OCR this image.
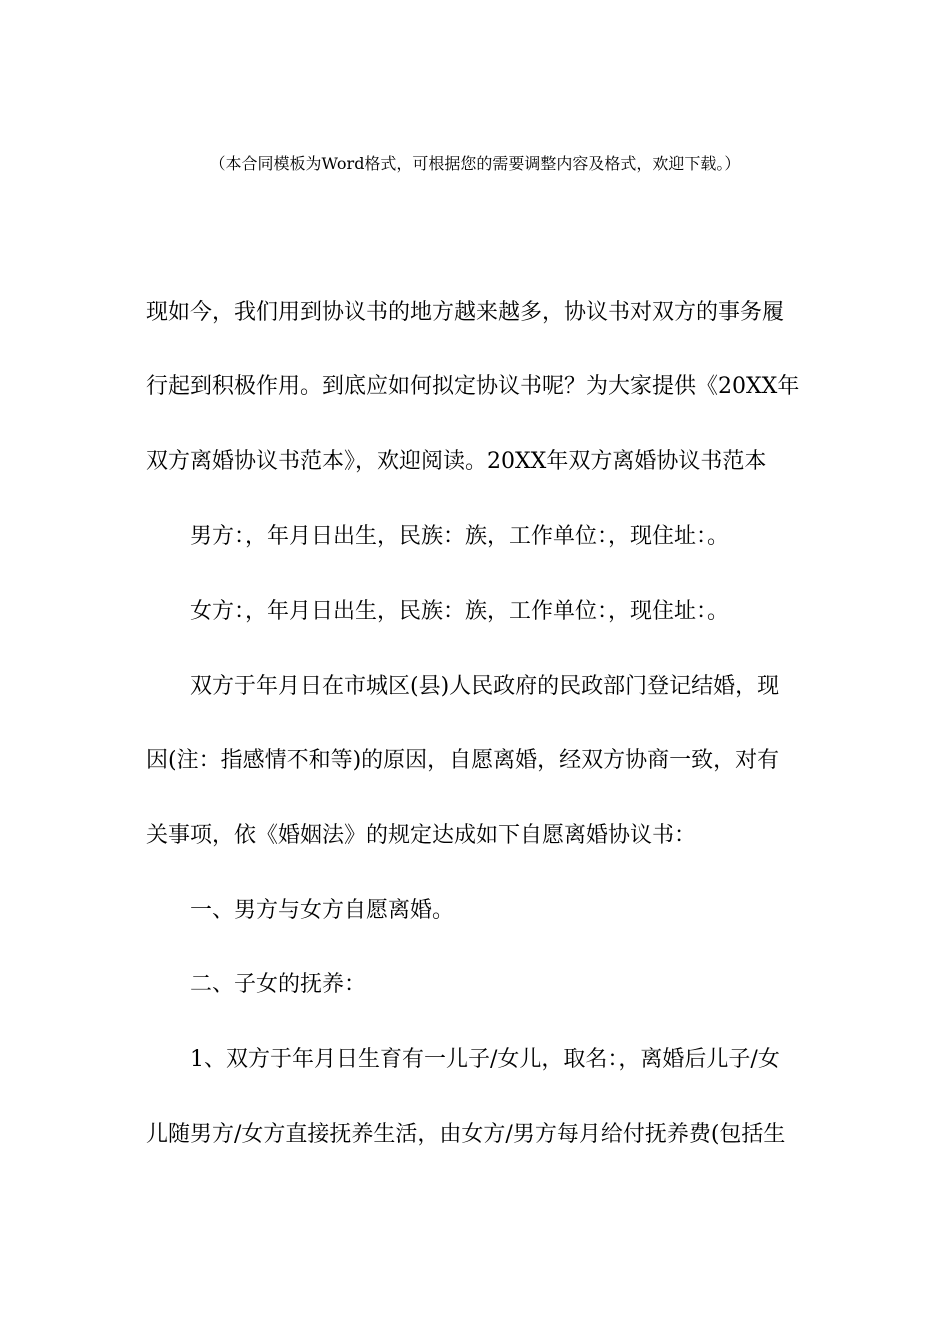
（本合同模板为Word格式，可根据您的需要调整内容及格式，欢迎下载。）
现如今，我们用到协议书的地方越来越多，协议书对双方的事务履
行起到积极作用。到底应如何拟定协议书呢？为大家提供《20XX年
双方离婚协议书范本》，欢迎阅读。20XX年双方离婚协议书范本
男方：，年月日出生，民族：族，工作单位：，现住址：。
女方：，年月日出生，民族：族，工作单位：，现住址：。
双方于年月日在市城区(县)人民政府的民政部门登记结婚，现
因(注：指感情不和等)的原因，自愿离婚，经双方协商一致，对有
关事项，依《婚姻法》的规定达成如下自愿离婚协议书：
一、男方与女方自愿离婚。
二、子女的抚养：
1、双方于年月日生育有一儿子/女儿，取名：，离婚后儿子/女
儿随男方/女方直接抚养生活，由女方/男方每月给付抚养费(包括生
